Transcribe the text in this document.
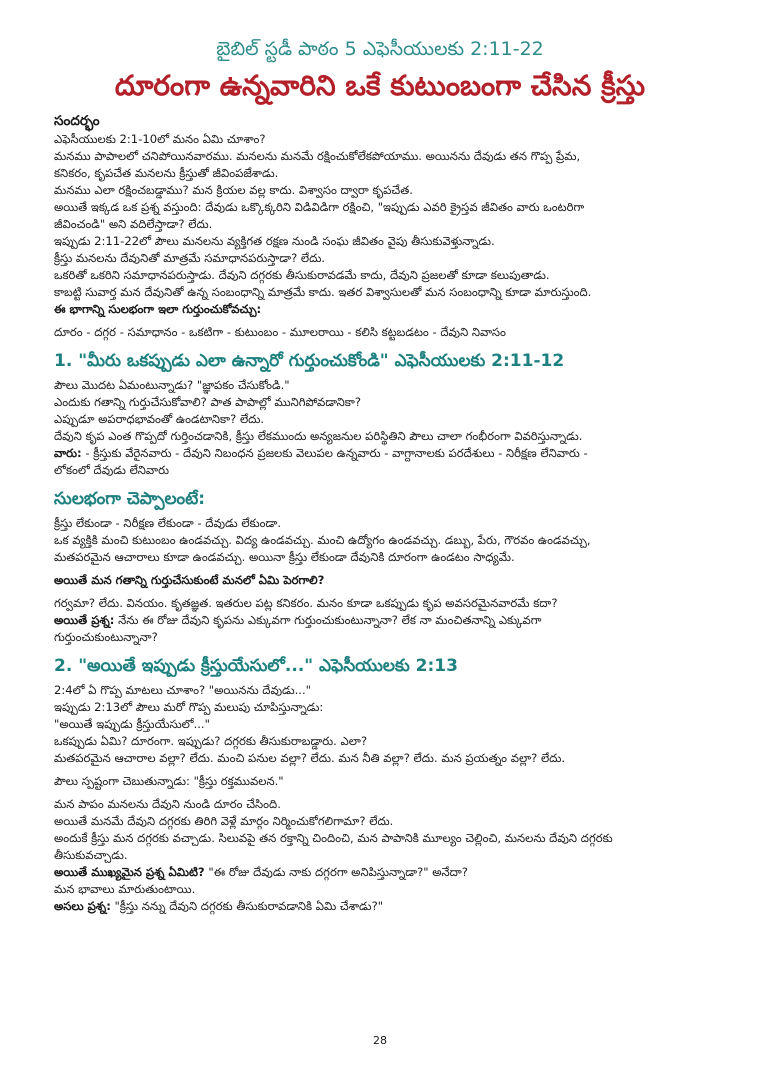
బైబిల్ స్టడీ పాఠం 5 ఎఫెసీయులకు 2:11-22
దూరంగా ఉన్నవారిని ఒకే కుటుంబంగా చేసిన క్రీస్తు

సందర్భం

ఎఫెసీయులకు 2:1-10లో మనం ఏమి చూశాం?

మనము పాపాలలో చనిపోయినవారము. మనలను మనమే రక్షించుకోలేకపోయాము. అయినను దేవుడు తన గొప్ప ప్రేమ,

కనికరం, కృపచేత మనలను క్రీస్తుతో జీవింపజేశాడు.

మనము ఎలా రక్షించబడ్డాము? మన క్రియల వల్ల కాదు. విశ్వాసం ద్వారా కృపచేత.

అయితే ఇక్కడ ఒక ప్రశ్న వస్తుంది: దేవుడు ఒక్కొక్కరిని విడివిడిగా రక్షించి, "ఇప్పుడు ఎవరి క్రైస్తవ జీవితం వారు ఒంటరిగా

జీవించండి" అని వదిలేస్తాడా? లేదు.

ఇప్పుడు 2:11-22లో పౌలు మనలను వ్యక్తిగత రక్షణ నుండి సంఘ జీవితం వైపు తీసుకువెళ్తున్నాడు.

క్రీస్తు మనలను దేవునితో మాత్రమే సమాధానపరుస్తాడా? లేదు.

ఒకరితో ఒకరిని సమాధానపరుస్తాడు. దేవుని దగ్గరకు తీసుకురావడమే కాదు, దేవుని ప్రజలతో కూడా కలుపుతాడు.

కాబట్టి సువార్త మన దేవునితో ఉన్న సంబంధాన్ని మాత్రమే కాదు. ఇతర విశ్వాసులతో మన సంబంధాన్ని కూడా మారుస్తుంది.

ఈ భాగాన్ని సులభంగా ఇలా గుర్తుంచుకోవచ్చు:

దూరం - దగ్గర - సమాధానం - ఒకటిగా - కుటుంబం - మూలరాయి - కలిసి కట్టబడటం - దేవుని నివాసం

1. "మీరు ఒకప్పుడు ఎలా ఉన్నారో గుర్తుంచుకోండి" ఎఫెసీయులకు 2:11-12

పౌలు మొదట ఏమంటున్నాడు? "జ్ఞాపకం చేసుకోండి."

ఎందుకు గతాన్ని గుర్తుచేసుకోవాలి? పాత పాపాల్లో మునిగిపోవడానికా?

ఎప్పుడూ అపరాధభావంతో ఉండటానికా? లేదు.

దేవుని కృప ఎంత గొప్పదో గుర్తించడానికి, క్రీస్తు లేకముందు అన్యజనుల పరిస్థితిని పౌలు చాలా గంభీరంగా వివరిస్తున్నాడు.

వారు: - క్రీస్తుకు వేరైనవారు - దేవుని నిబంధన ప్రజలకు వెలుపల ఉన్నవారు - వాగ్దానాలకు పరదేశులు - నిరీక్షణ లేనివారు -

లోకంలో దేవుడు లేనివారు

సులభంగా చెప్పాలంటే:

క్రీస్తు లేకుండా - నిరీక్షణ లేకుండా - దేవుడు లేకుండా.

ఒక వ్యక్తికి మంచి కుటుంబం ఉండవచ్చు. విద్య ఉండవచ్చు. మంచి ఉద్యోగం ఉండవచ్చు. డబ్బు, పేరు, గౌరవం ఉండవచ్చు,

మతపరమైన ఆచారాలు కూడా ఉండవచ్చు. అయినా క్రీస్తు లేకుండా దేవునికి దూరంగా ఉండటం సాధ్యమే.

అయితే మన గతాన్ని గుర్తుచేసుకుంటే మనలో ఏమి పెరగాలి?

గర్వమా? లేదు. వినయం. కృతజ్ఞత. ఇతరుల పట్ల కనికరం. మనం కూడా ఒకప్పుడు కృప అవసరమైనవారమే కదా?

అయితే ప్రశ్న: నేను ఈ రోజు దేవుని కృపను ఎక్కువగా గుర్తుంచుకుంటున్నానా? లేక నా మంచితనాన్ని ఎక్కువగా

గుర్తుంచుకుంటున్నానా?

2. "అయితే ఇప్పుడు క్రీస్తుయేసులో..." ఎఫెసీయులకు 2:13

2:4లో ఏ గొప్ప మాటలు చూశాం? "అయినను దేవుడు..."

ఇప్పుడు 2:13లో పౌలు మరో గొప్ప మలుపు చూపిస్తున్నాడు:

"అయితే ఇప్పుడు క్రీస్తుయేసులో..."

ఒకప్పుడు ఏమి? దూరంగా. ఇప్పుడు? దగ్గరకు తీసుకురాబడ్డారు. ఎలా?

మతపరమైన ఆచారాల వల్లా? లేదు. మంచి పనుల వల్లా? లేదు. మన నీతి వల్లా? లేదు. మన ప్రయత్నం వల్లా? లేదు.

పౌలు స్పష్టంగా చెబుతున్నాడు: "క్రీస్తు రక్తమువలన."

మన పాపం మనలను దేవుని నుండి దూరం చేసింది.

అయితే మనమే దేవుని దగ్గరకు తిరిగి వెళ్లే మార్గం నిర్మించుకోగలిగామా? లేదు.

అందుకే క్రీస్తు మన దగ్గరకు వచ్చాడు. సిలువపై తన రక్తాన్ని చిందించి, మన పాపానికి మూల్యం చెల్లించి, మనలను దేవుని దగ్గరకు

తీసుకువచ్చాడు.

అయితే ముఖ్యమైన ప్రశ్న ఏమిటి? "ఈ రోజు దేవుడు నాకు దగ్గరగా అనిపిస్తున్నాడా?" అనేదా?

మన భావాలు మారుతుంటాయి.

అసలు ప్రశ్న: "క్రీస్తు నన్ను దేవుని దగ్గరకు తీసుకురావడానికి ఏమి చేశాడు?"

28
